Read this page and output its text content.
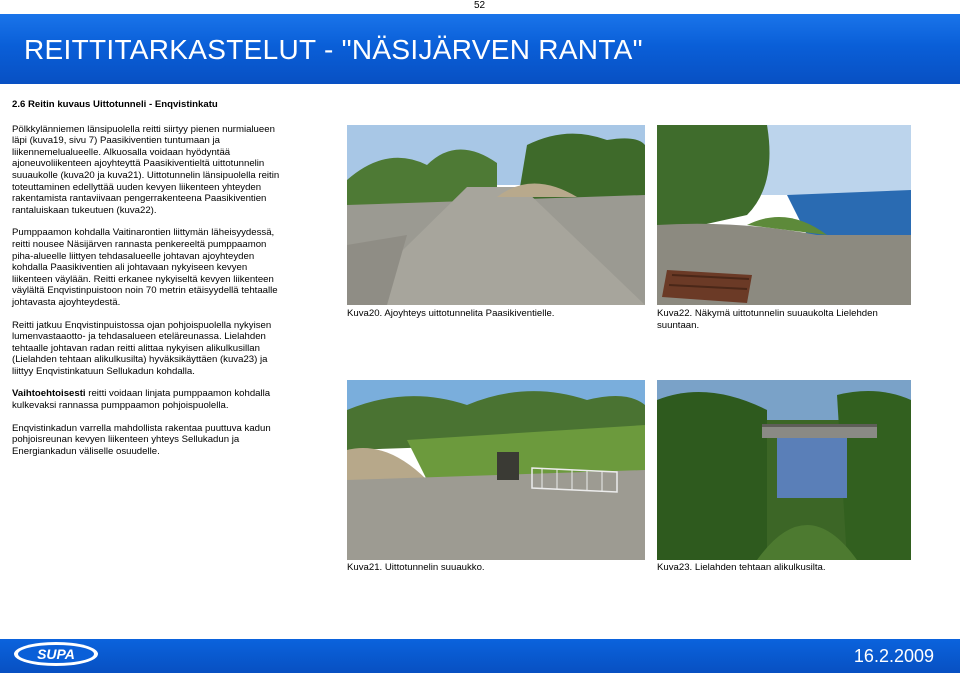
52
REITTITARKASTELUT - "NÄSIJÄRVEN RANTA"
2.6 Reitin kuvaus Uittotunneli - Enqvistinkatu

Pölkkylänniemen länsipuolella reitti siirtyy pienen nurmialueen läpi (kuva19, sivu 7) Paasikiventien tuntumaan ja liikennemelualueelle. Alkuosalla voidaan hyödyntää ajoneuvoliikenteen ajoyhteyttä Paasikiventieltä uittotunnelin suuaukolle (kuva20 ja kuva21). Uittotunnelin länsipuolella reitin toteuttaminen edellyttää uuden kevyen liikenteen yhteyden rakentamista rantaviivaan pengerrakenteena Paasikiventien rantaluiskaan tukeutuen (kuva22).

Pumppaamon kohdalla Vaitinarontien liittymän läheisyydessä, reitti nousee Näsijärven rannasta penkereeltä pumppaamon piha-alueelle liittyen tehdasalueelle johtavan ajoyhteyden kohdalla Paasikiventien ali johtavaan nykyiseen kevyen liikenteen väylään. Reitti erkanee nykyiseltä kevyen liikenteen väylältä Enqvistinpuistoon noin 70 metrin etäisyydellä tehtaalle johtavasta ajoyhteydestä.

Reitti jatkuu Enqvistinpuistossa ojan pohjoispuolella nykyisen lumenvastaaotto- ja tehdasalueen eteläreunassa. Lielahden tehtaalle johtavan radan reitti alittaa nykyisen alikulkusillan (Lielahden tehtaan alikulkusilta) hyväksikäyttäen (kuva23) ja liittyy Enqvistinkatuun Sellukadun kohdalla.

Vaihtoehtoisesti reitti voidaan linjata pumppaamon kohdalla kulkevaksi rannassa pumppaamon pohjoispuolella.

Enqvistinkadun varrella mahdollista rakentaa puuttuva kadun pohjoisreunan kevyen liikenteen yhteys Sellukadun ja Energiankadun väliselle osuudelle.

Kuva20. Ajoyhteys uittotunnelita Paasikiventielle.	Kuva22. Näkymä uittotunnelin suuaukolta Lielehden suuntaan.
Kuva21. Uittotunnelin suuaukko.	Kuva23. Lielahden tehtaan alikulkusilta.
16.2.2009
SUPA
